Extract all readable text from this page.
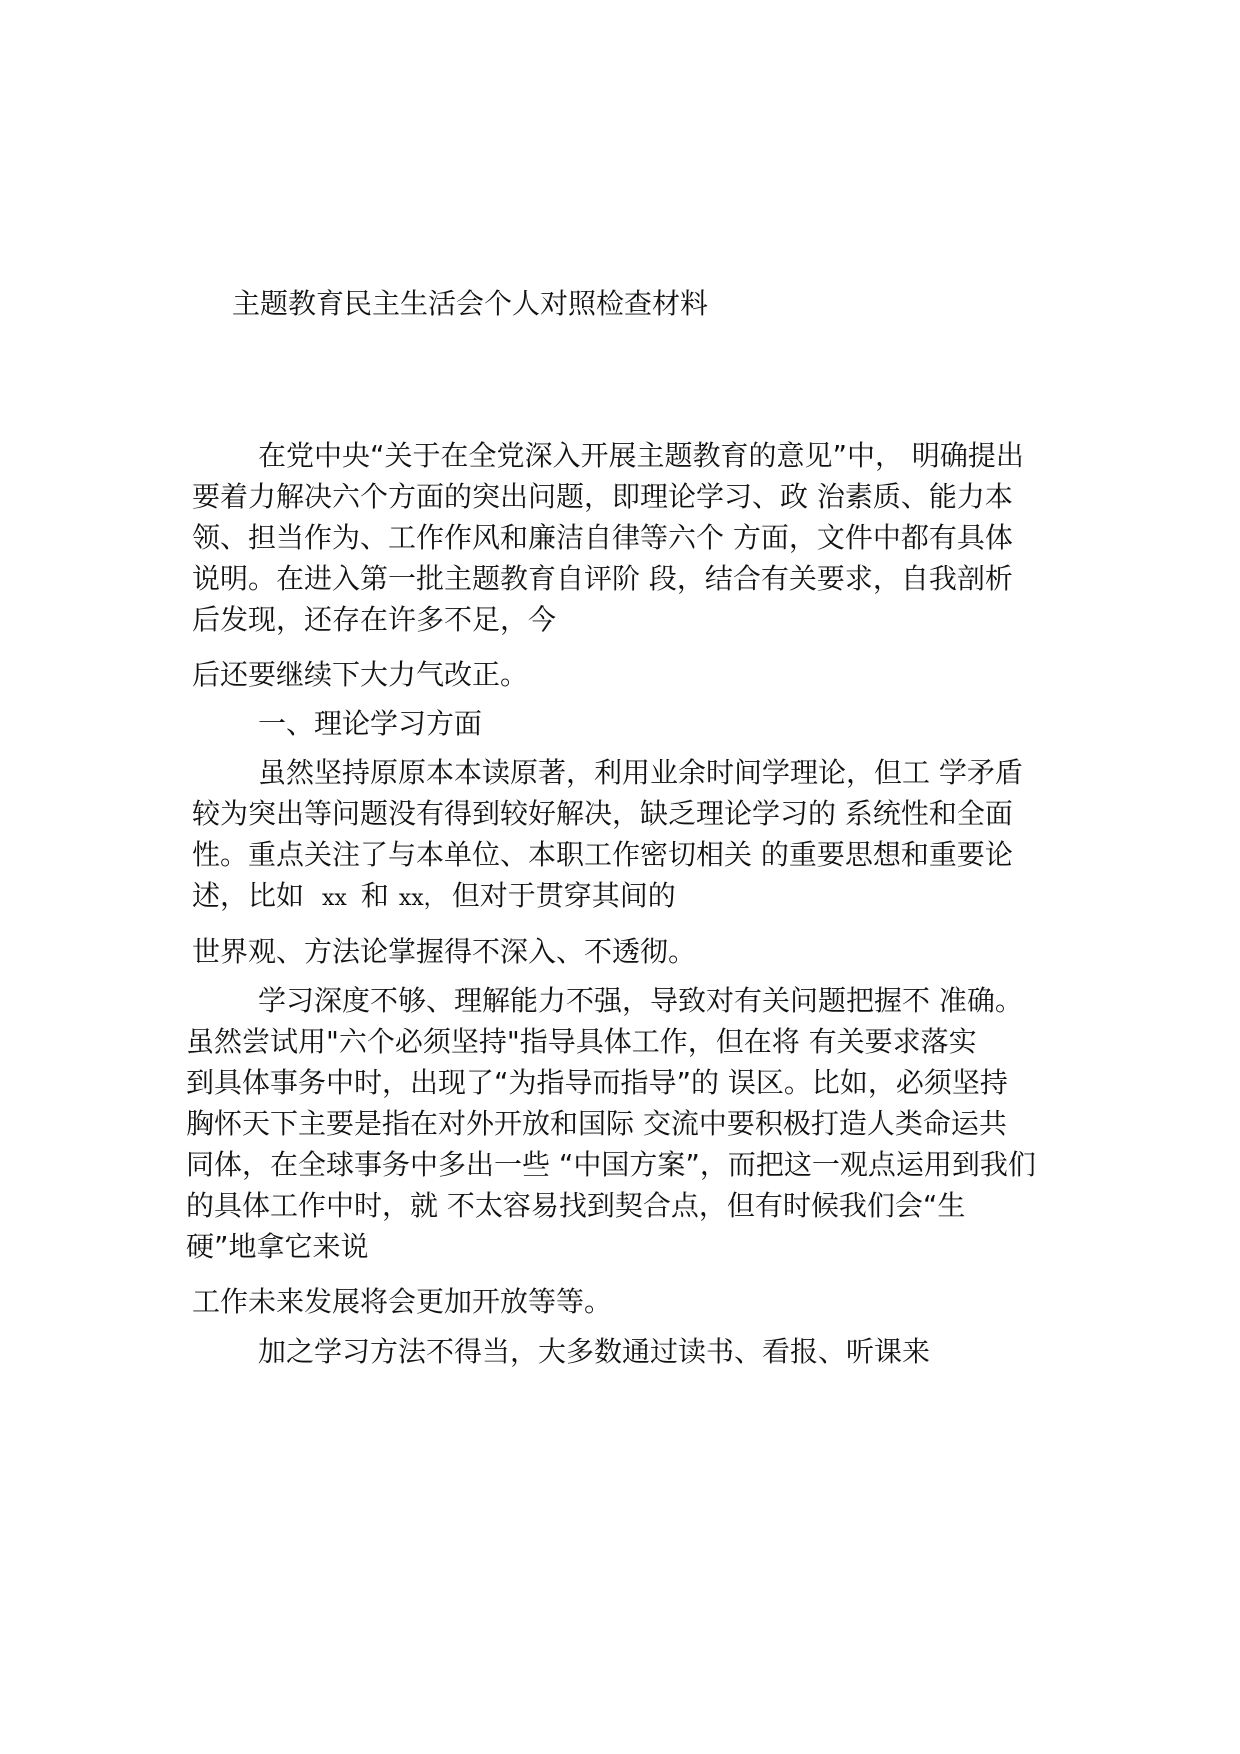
主题教育民主生活会个人对照检查材料
在党中央“关于在全党深入开展主题教育的意见”中， 明确提出
要着力解决六个方面的突出问题，即理论学习、政 治素质、能力本
领、担当作为、工作作风和廉洁自律等六个 方面，文件中都有具体
说明。在进入第一批主题教育自评阶 段，结合有关要求，自我剖析
后发现，还存在许多不足，今
后还要继续下大力气改正。
一、理论学习方面
虽然坚持原原本本读原著，利用业余时间学理论，但工 学矛盾
较为突出等问题没有得到较好解决，缺乏理论学习的 系统性和全面
性。重点关注了与本单位、本职工作密切相关 的重要思想和重要论
述，比如 xx 和 xx， 但对于贯穿其间的
世界观、方法论掌握得不深入、不透彻。
学习深度不够、理解能力不强，导致对有关问题把握不 准确。
虽然尝试用"六个必须坚持"指导具体工作，但在将 有关要求落实
到具体事务中时，出现了“为指导而指导”的 误区。比如，必须坚持
胸怀天下主要是指在对外开放和国际 交流中要积极打造人类命运共
同体，在全球事务中多出一些 “中国方案”，而把这一观点运用到我们
的具体工作中时，就 不太容易找到契合点，但有时候我们会“生
硬”地拿它来说
工作未来发展将会更加开放等等。
加之学习方法不得当，大多数通过读书、看报、听课来
